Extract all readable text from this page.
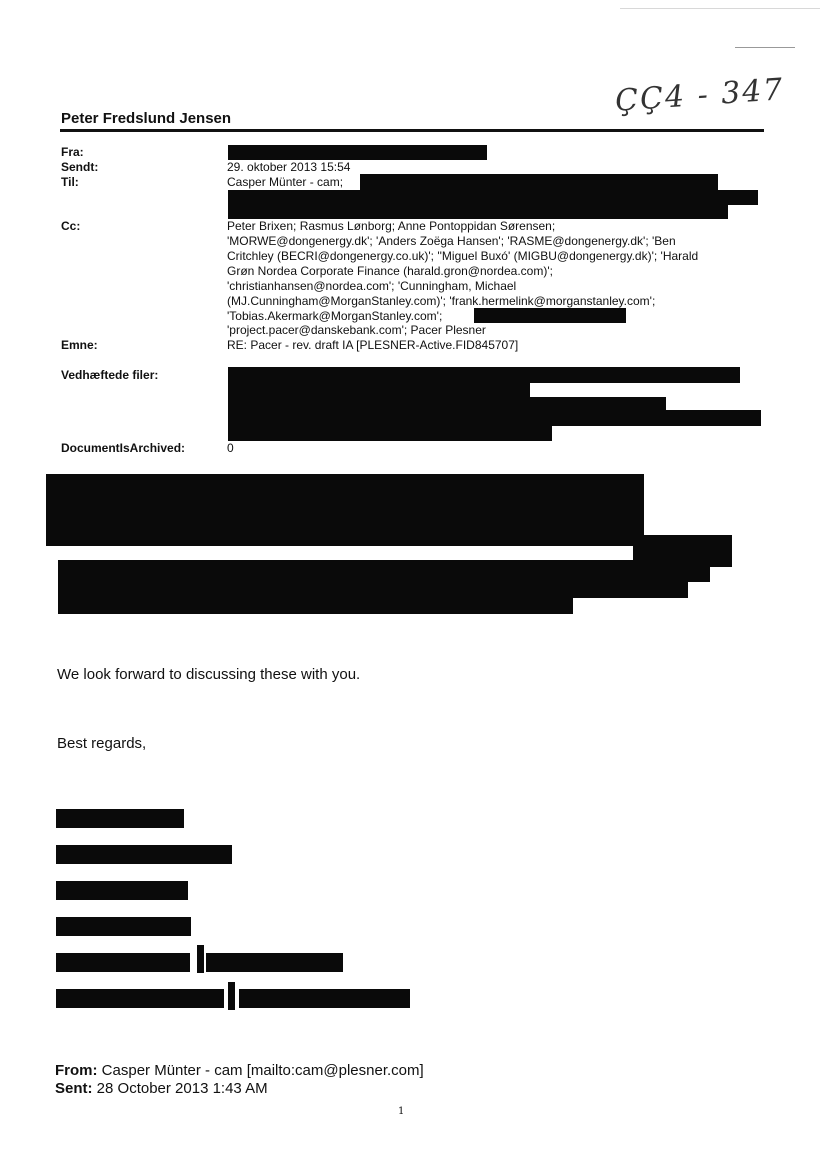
ÇÇ4 - 347
Peter Fredslund Jensen
Fra:
Sendt:
Til:
Cc:
Emne:
Vedhæftede filer:
DocumentIsArchived:
29. oktober 2013 15:54
Casper Münter - cam;
Peter Brixen; Rasmus Lønborg; Anne Pontoppidan Sørensen;
'MORWE@dongenergy.dk'; 'Anders Zoëga Hansen'; 'RASME@dongenergy.dk'; 'Ben
Critchley (BECRI@dongenergy.co.uk)'; ''Miguel Buxó' (MIGBU@dongenergy.dk)'; 'Harald
Grøn Nordea Corporate Finance (harald.gron@nordea.com)';
'christianhansen@nordea.com'; 'Cunningham, Michael
(MJ.Cunningham@MorganStanley.com)'; 'frank.hermelink@morganstanley.com';
'Tobias.Akermark@MorganStanley.com';
'project.pacer@danskebank.com'; Pacer Plesner
RE: Pacer - rev. draft IA [PLESNER-Active.FID845707]
0
We look forward to discussing these with you.
Best regards,
From: Casper Münter - cam [mailto:cam@plesner.com]
Sent: 28 October 2013 1:43 AM
1
